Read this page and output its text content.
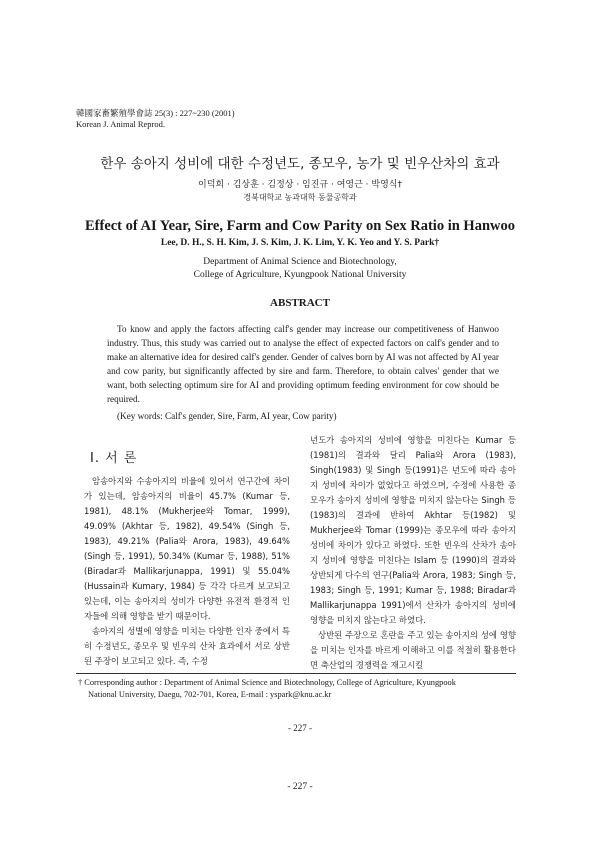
韓國家畜繁殖學會誌 25(3) : 227~230 (2001)
Korean J. Animal Reprod.
한우 송아지 성비에 대한 수정년도, 종모우, 농가 및 빈우산차의 효과
이덕희 · 김상훈 · 김정상 · 임진규 · 여영근 · 박영식†
경북대학교 농과대학 동물공학과
Effect of AI Year, Sire, Farm and Cow Parity on Sex Ratio in Hanwoo
Lee, D. H., S. H. Kim, J. S. Kim, J. K. Lim, Y. K. Yeo and Y. S. Park†
Department of Animal Science and Biotechnology,
College of Agriculture, Kyungpook National University
ABSTRACT

To know and apply the factors affecting calf's gender may increase our competitiveness of Hanwoo industry. Thus, this study was carried out to analyse the effect of expected factors on calf's gender and to make an alternative idea for desired calf's gender. Gender of calves born by AI was not affected by AI year and cow parity, but significantly affected by sire and farm. Therefore, to obtain calves' gender that we want, both selecting optimum sire for AI and providing optimum feeding environment for cow should be required.

(Key words: Calf's gender, Sire, Farm, AI year, Cow parity)
Ⅰ. 서 론

암송아지와 수송아지의 비율에 있어서 연구간에 차이가 있는데, 암송아지의 비율이 45.7% (Kumar 등, 1981), 48.1% (Mukherjee와 Tomar, 1999), 49.09% (Akhtar 등, 1982), 49.54% (Singh 등, 1983), 49.21% (Palia와 Arora, 1983), 49.64% (Singh 등, 1991), 50.34% (Kumar 등, 1988), 51% (Biradar과 Mallikarjunappa, 1991) 및 55.04% (Hussain과 Kumary, 1984) 등 각각 다르게 보고되고 있는데, 이는 송아지의 성비가 다양한 유전적 환경적 인자들에 의해 영향을 받기 때문이다.

송아지의 성별에 영향을 미치는 다양한 인자 중에서 특히 수정년도, 종모우 및 빈우의 산차 효과에서 서로 상반된 주장이 보고되고 있다. 즉, 수정

년도가 송아지의 성비에 영향을 미친다는 Kumar 등(1981)의 결과와 달리 Palia와 Arora (1983), Singh(1983) 및 Singh 등(1991)은 년도에 따라 송아지 성비에 차이가 없었다고 하였으며, 수정에 사용한 종모우가 송아지 성비에 영향을 미치지 않는다는 Singh 등(1983)의 결과에 반하여 Akhtar 등(1982) 및 Mukherjee와 Tomar (1999)는 종모우에 따라 송아지 성비에 차이가 있다고 하였다. 또한 빈우의 산차가 송아지 성비에 영향을 미친다는 Islam 등 (1990)의 결과와 상반되게 다수의 연구(Palia와 Arora, 1983; Singh 등, 1983; Singh 등, 1991; Kumar 등, 1988; Biradar과 Mallikarjunappa 1991)에서 산차가 송아지의 성비에 영향을 미치지 않는다고 하였다.

상반된 주장으로 혼란을 주고 있는 송아지의 성에 영향을 미치는 인자를 바르게 이해하고 이를 적절히 활용한다면 축산업의 경쟁력을 재고시킬

† Corresponding author : Department of Animal Science and Biotechnology, College of Agriculture, Kyungpook
National University, Daegu, 702-701, Korea, E-mail : yspark@knu.ac.kr
- 227 -
- 227 -
